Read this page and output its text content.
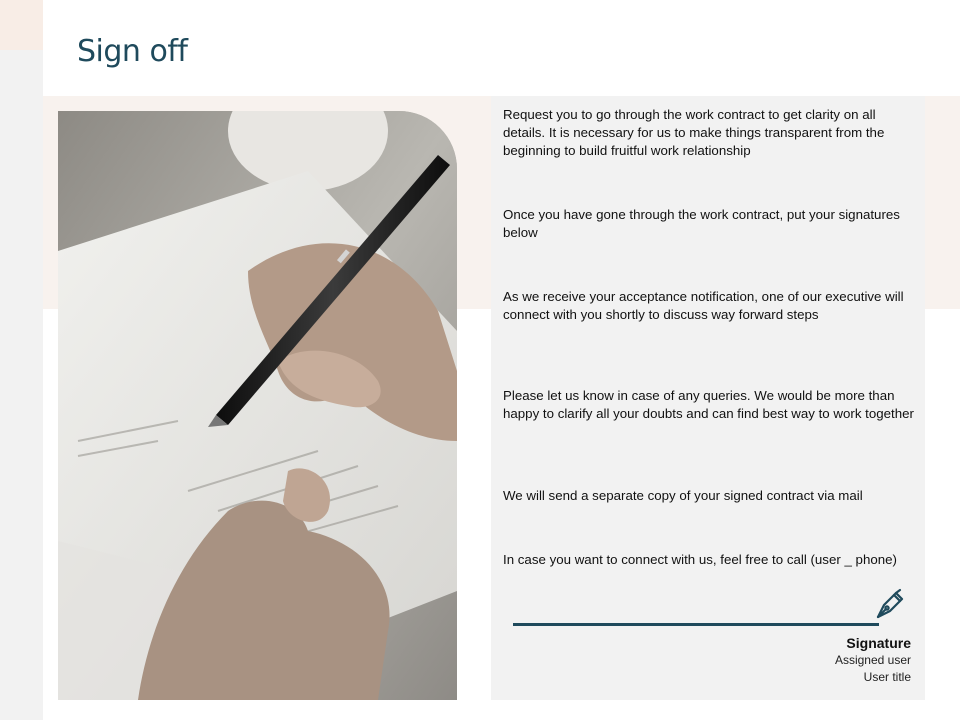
Sign off

Request you to go through the work contract to get clarity on all details. It is necessary for us to make things transparent from the beginning to build fruitful work relationship

Once you have gone through the work contract, put your signatures below

As we receive your acceptance notification, one of our executive will connect with you shortly to discuss way forward steps

Please let us know in case of any queries. We would be more than happy to clarify all your doubts and can find best way to work together

We will send a separate copy of your signed contract via mail

In case you want to connect with us, feel free to call (user _ phone)

Signature
Assigned user
User title
